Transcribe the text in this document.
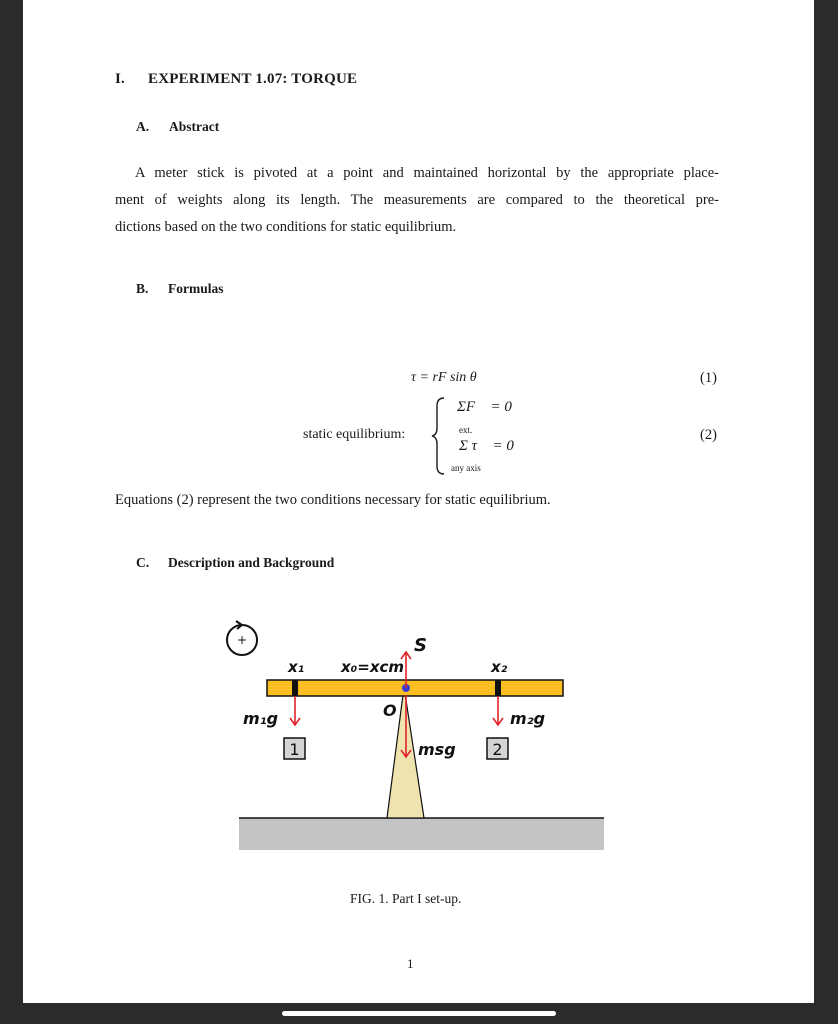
I. EXPERIMENT 1.07: TORQUE
A. Abstract
A meter stick is pivoted at a point and maintained horizontal by the appropriate place-
ment of weights along its length. The measurements are compared to the theoretical pre-
dictions based on the two conditions for static equilibrium.
B. Formulas
τ = rF sin θ	(1)
static equilibrium:
ΣF⃗ = 0⃗
ext.
Σ τ⃗ = 0⃗
any axis
(2)
Equations (2) represent the two conditions necessary for static equilibrium.
C. Description and Background
+
1	2
S
x₁ x₀=xcm	x₂
O
m₁g	m₂g
msg
FIG. 1. Part I set-up.
1
